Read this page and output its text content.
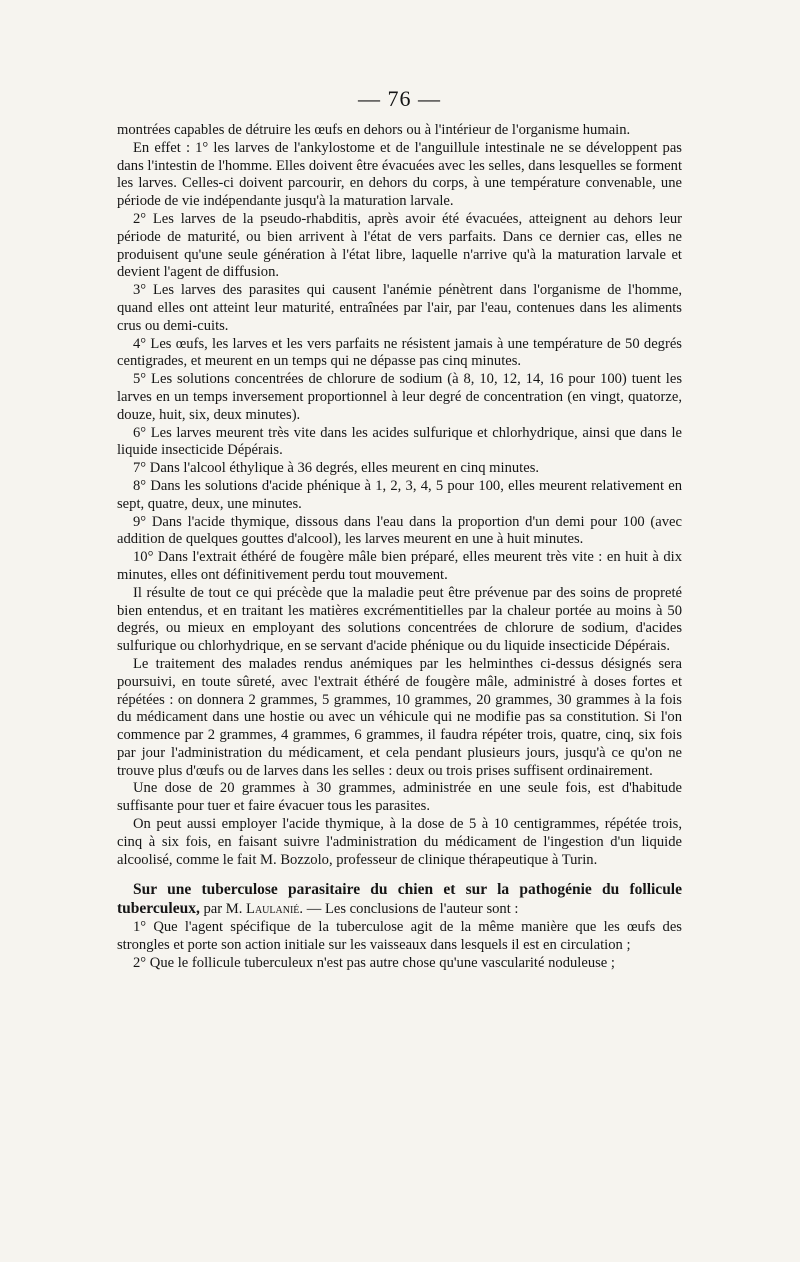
— 76 —

montrées capables de détruire les œufs en dehors ou à l'intérieur de l'organisme humain.

En effet : 1° les larves de l'ankylostome et de l'anguillule intestinale ne se développent pas dans l'intestin de l'homme. Elles doivent être évacuées avec les selles, dans lesquelles se forment les larves. Celles-ci doivent parcourir, en dehors du corps, à une température convenable, une période de vie indépendante jusqu'à la maturation larvale.

2° Les larves de la pseudo-rhabditis, après avoir été évacuées, atteignent au dehors leur période de maturité, ou bien arrivent à l'état de vers parfaits. Dans ce dernier cas, elles ne produisent qu'une seule génération à l'état libre, laquelle n'arrive qu'à la maturation larvale et devient l'agent de diffusion.

3° Les larves des parasites qui causent l'anémie pénètrent dans l'organisme de l'homme, quand elles ont atteint leur maturité, entraînées par l'air, par l'eau, contenues dans les aliments crus ou demi-cuits.

4° Les œufs, les larves et les vers parfaits ne résistent jamais à une température de 50 degrés centigrades, et meurent en un temps qui ne dépasse pas cinq minutes.

5° Les solutions concentrées de chlorure de sodium (à 8, 10, 12, 14, 16 pour 100) tuent les larves en un temps inversement proportionnel à leur degré de concentration (en vingt, quatorze, douze, huit, six, deux minutes).

6° Les larves meurent très vite dans les acides sulfurique et chlorhydrique, ainsi que dans le liquide insecticide Dépérais.

7° Dans l'alcool éthylique à 36 degrés, elles meurent en cinq minutes.

8° Dans les solutions d'acide phénique à 1, 2, 3, 4, 5 pour 100, elles meurent relativement en sept, quatre, deux, une minutes.

9° Dans l'acide thymique, dissous dans l'eau dans la proportion d'un demi pour 100 (avec addition de quelques gouttes d'alcool), les larves meurent en une à huit minutes.

10° Dans l'extrait éthéré de fougère mâle bien préparé, elles meurent très vite : en huit à dix minutes, elles ont définitivement perdu tout mouvement.

Il résulte de tout ce qui précède que la maladie peut être prévenue par des soins de propreté bien entendus, et en traitant les matières excrémentitielles par la chaleur portée au moins à 50 degrés, ou mieux en employant des solutions concentrées de chlorure de sodium, d'acides sulfurique ou chlorhydrique, en se servant d'acide phénique ou du liquide insecticide Dépérais.

Le traitement des malades rendus anémiques par les helminthes ci-dessus désignés sera poursuivi, en toute sûreté, avec l'extrait éthéré de fougère mâle, administré à doses fortes et répétées : on donnera 2 grammes, 5 grammes, 10 grammes, 20 grammes, 30 grammes à la fois du médicament dans une hostie ou avec un véhicule qui ne modifie pas sa constitution. Si l'on commence par 2 grammes, 4 grammes, 6 grammes, il faudra répéter trois, quatre, cinq, six fois par jour l'administration du médicament, et cela pendant plusieurs jours, jusqu'à ce qu'on ne trouve plus d'œufs ou de larves dans les selles : deux ou trois prises suffisent ordinairement.

Une dose de 20 grammes à 30 grammes, administrée en une seule fois, est d'habitude suffisante pour tuer et faire évacuer tous les parasites.

On peut aussi employer l'acide thymique, à la dose de 5 à 10 centigrammes, répétée trois, cinq à six fois, en faisant suivre l'administration du médicament de l'ingestion d'un liquide alcoolisé, comme le fait M. Bozzolo, professeur de clinique thérapeutique à Turin.

Sur une tuberculose parasitaire du chien et sur la pathogénie du follicule tuberculeux, par M. Laulanié. — Les conclusions de l'auteur sont :

1° Que l'agent spécifique de la tuberculose agit de la même manière que les œufs des strongles et porte son action initiale sur les vaisseaux dans lesquels il est en circulation ;

2° Que le follicule tuberculeux n'est pas autre chose qu'une vascularité noduleuse ;
